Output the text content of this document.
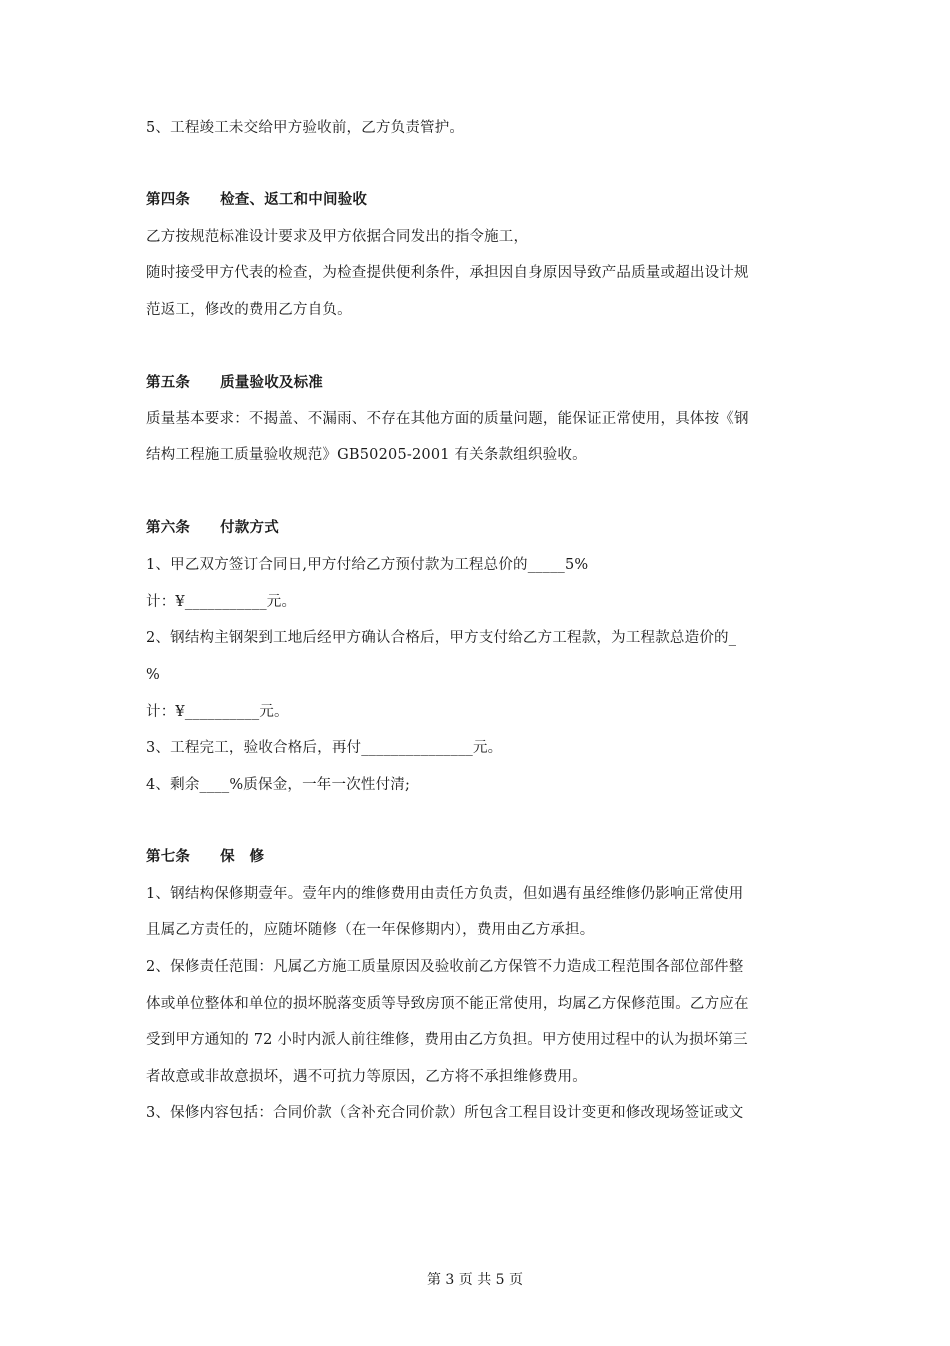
5、工程竣工未交给甲方验收前，乙方负责管护。
第四条 检查、返工和中间验收
乙方按规范标准设计要求及甲方依据合同发出的指令施工，
随时接受甲方代表的检查，为检查提供便利条件，承担因自身原因导致产品质量或超出设计规
范返工，修改的费用乙方自负。
第五条 质量验收及标准
质量基本要求：不揭盖、不漏雨、不存在其他方面的质量问题，能保证正常使用，具体按《钢
结构工程施工质量验收规范》GB50205-2001 有关条款组织验收。
第六条 付款方式
1、甲乙双方签订合同日,甲方付给乙方预付款为工程总价的_____5%
计：¥___________元。
2、钢结构主钢架到工地后经甲方确认合格后，甲方支付给乙方工程款，为工程款总造价的_
%
计：¥__________元。
3、工程完工，验收合格后，再付_______________元。
4、剩余____%质保金，一年一次性付清;
第七条 保　修
1、钢结构保修期壹年。壹年内的维修费用由责任方负责，但如遇有虽经维修仍影响正常使用
且属乙方责任的，应随坏随修（在一年保修期内），费用由乙方承担。
2、保修责任范围：凡属乙方施工质量原因及验收前乙方保管不力造成工程范围各部位部件整
体或单位整体和单位的损坏脱落变质等导致房顶不能正常使用，均属乙方保修范围。乙方应在
受到甲方通知的 72 小时内派人前往维修，费用由乙方负担。甲方使用过程中的认为损坏第三
者故意或非故意损坏，遇不可抗力等原因，乙方将不承担维修费用。
3、保修内容包括：合同价款（含补充合同价款）所包含工程目设计变更和修改现场签证或文
第 3 页 共 5 页
